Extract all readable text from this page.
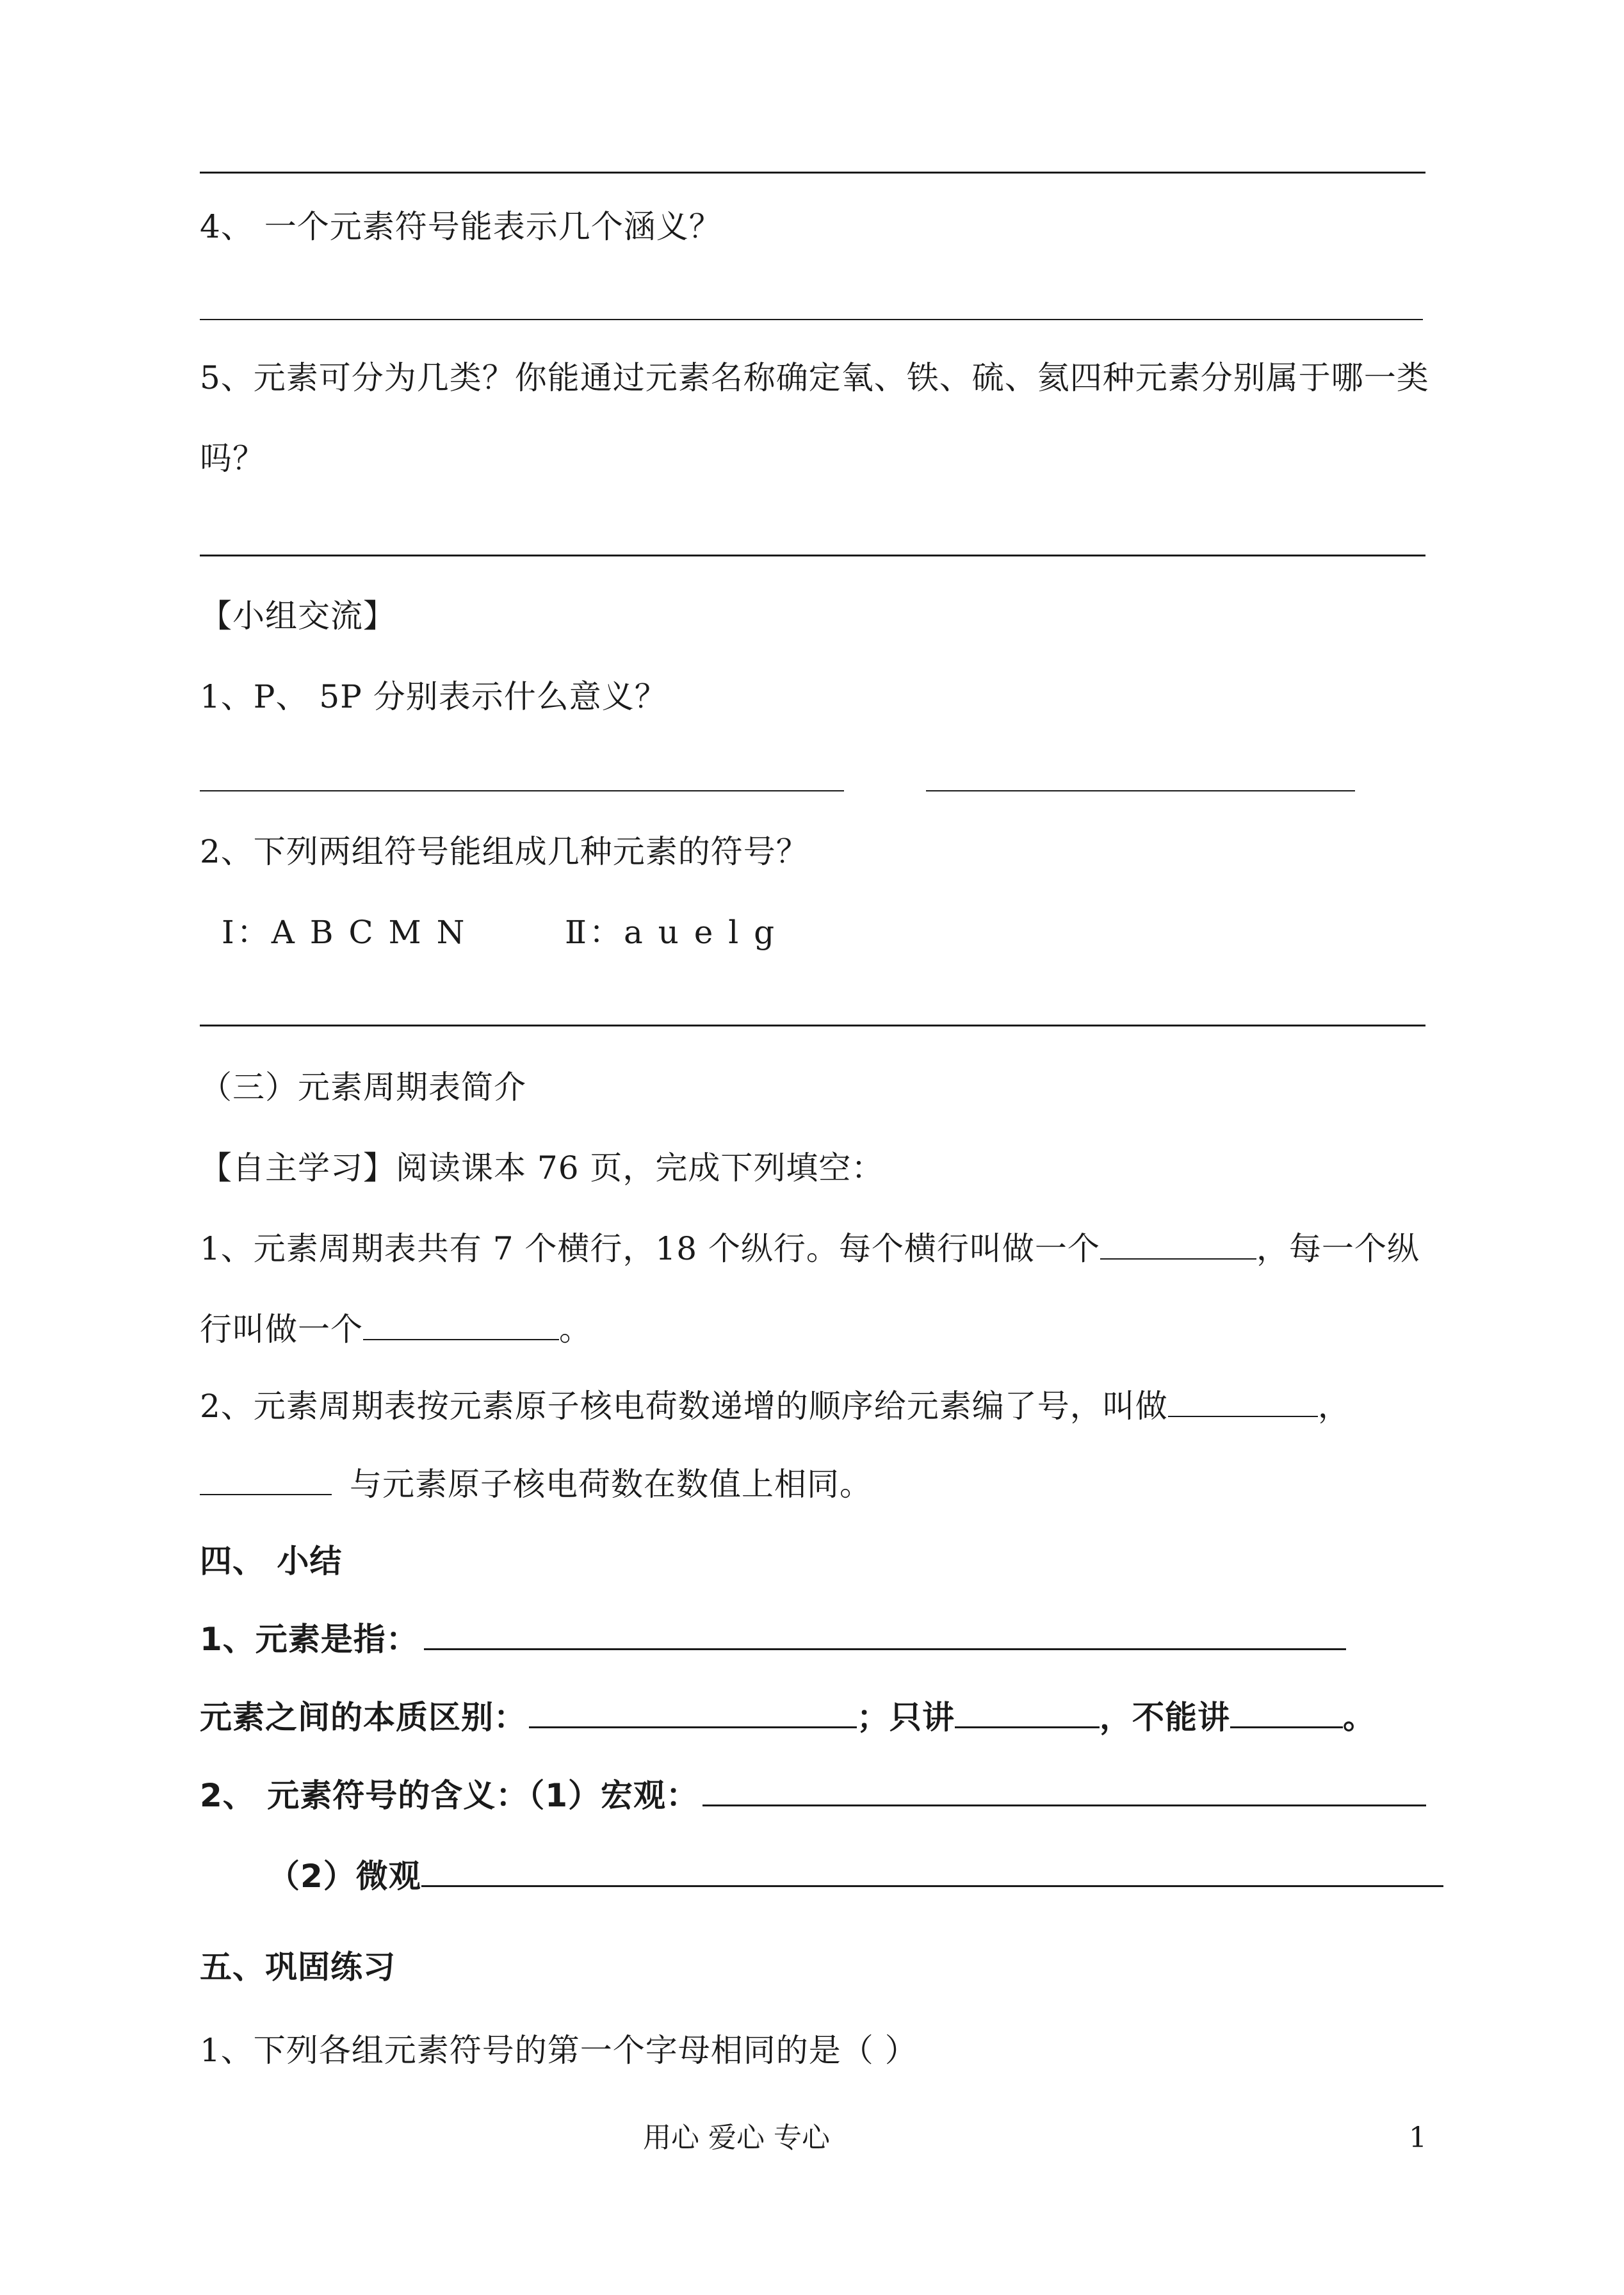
4、 一个元素符号能表示几个涵义？
5、元素可分为几类？你能通过元素名称确定氧、铁、硫、氦四种元素分别属于哪一类
吗？
【小组交流】
1、P、 5P 分别表示什么意义？
2、下列两组符号能组成几种元素的符号？
Ⅰ：A B C M N	Ⅱ：a u e l g
（三）元素周期表简介
【自主学习】阅读课本 76 页，完成下列填空：
1、元素周期表共有 7 个横行，18 个纵行。每个横行叫做一个	，每一个纵
行叫做一个	。
2、元素周期表按元素原子核电荷数递增的顺序给元素编了号，叫做	，
与元素原子核电荷数在数值上相同。
四、 小结
1、元素是指：
元素之间的本质区别：	；只讲	，不能讲	。
2、 元素符号的含义：（1）宏观：
（2）微观
五、巩固练习
1、下列各组元素符号的第一个字母相同的是（ ）
用心 爱心 专心	1
